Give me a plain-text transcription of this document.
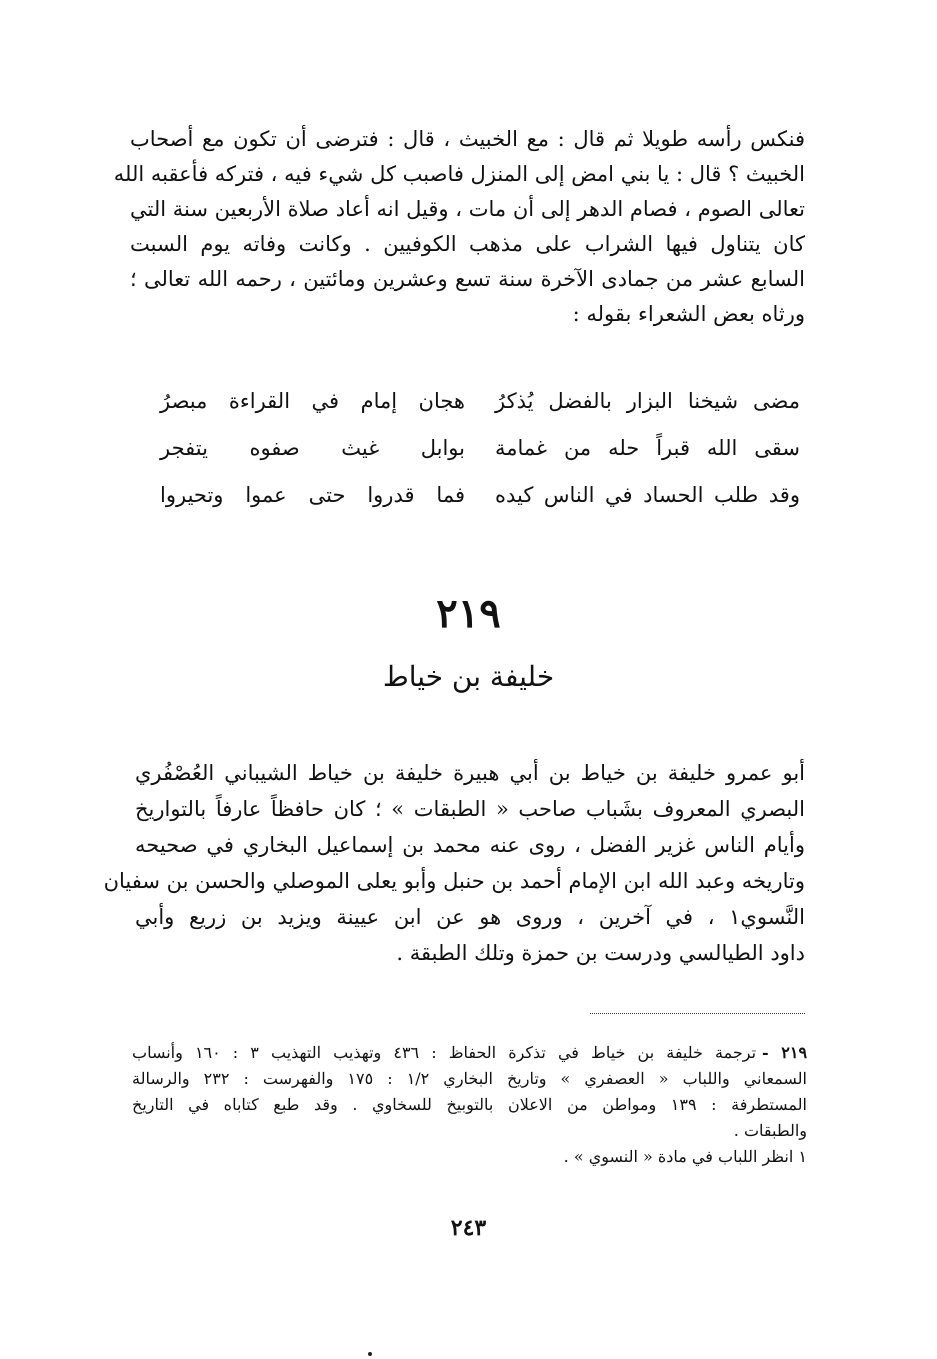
فنكس رأسه طويلا ثم قال : مع الخبيث ، قال : فترضى أن تكون مع أصحاب
الخبيث ؟ قال : يا بني امض إلى المنزل فاصبب كل شيء فيه ، فتركه فأعقبه الله
تعالى الصوم ، فصام الدهر إلى أن مات ، وقيل انه أعاد صلاة الأربعين سنة التي
كان يتناول فيها الشراب على مذهب الكوفيين . وكانت وفاته يوم السبت
السابع عشر من جمادى الآخرة سنة تسع وعشرين ومائتين ، رحمه الله تعالى ؛
ورثاه بعض الشعراء بقوله :
مضى شيخنا البزار بالفضل يُذكرُ
هجان إمام في القراءة مبصرُ
سقى الله قبراً حله من غمامة
بوابل غيث صفوه يتفجر
وقد طلب الحساد في الناس كيده
فما قدروا حتى عموا وتحيروا
٢١٩
خليفة بن خياط
أبو عمرو خليفة بن خياط بن أبي هبيرة خليفة بن خياط الشيباني العُصْفُري
البصري المعروف بشَباب صاحب « الطبقات » ؛ كان حافظاً عارفاً بالتواريخ
وأيام الناس غزير الفضل ، روى عنه محمد بن إسماعيل البخاري في صحيحه
وتاريخه وعبد الله ابن الإمام أحمد بن حنبل وأبو يعلى الموصلي والحسن بن سفيان
النَّسوي١ ، في آخرين ، وروى هو عن ابن عيينة ويزيد بن زريع وأبي
داود الطيالسي ودرست بن حمزة وتلك الطبقة .
٢١٩ -ترجمة خليفة بن خياط في تذكرة الحفاظ : ٤٣٦ وتهذيب التهذيب ٣ : ١٦٠ وأنساب
السمعاني واللباب « العصفري » وتاريخ البخاري ١/٢ : ١٧٥ والفهرست : ٢٣٢ والرسالة
المستطرفة : ١٣٩ ومواطن من الاعلان بالتوبيخ للسخاوي . وقد طبع كتاباه في التاريخ
والطبقات .
١ انظر اللباب في مادة « النسوي » .
٢٤٣
